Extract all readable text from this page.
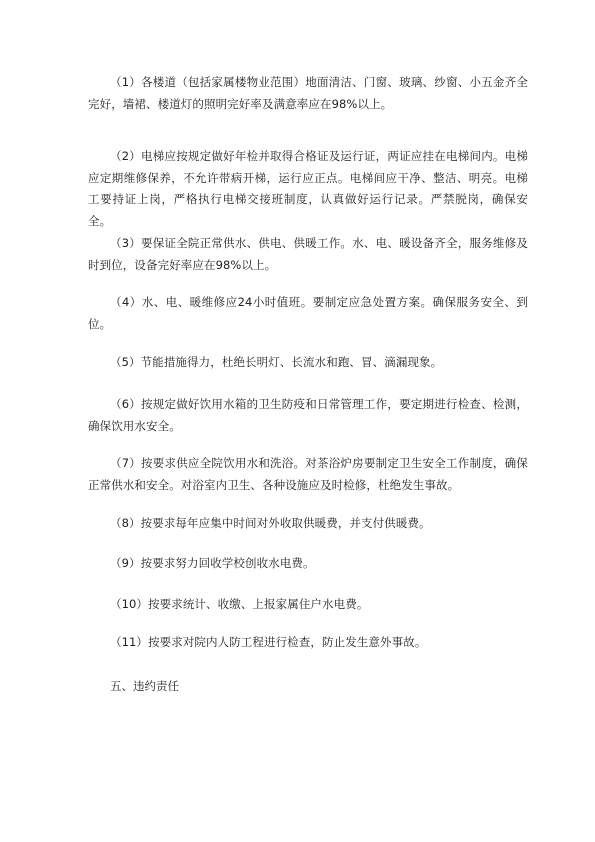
（1）各楼道（包括家属楼物业范围）地面清洁、门窗、玻璃、纱窗、小五金齐全完好，墙裙、楼道灯的照明完好率及满意率应在98%以上。

（2）电梯应按规定做好年检并取得合格证及运行证，两证应挂在电梯间内。电梯应定期维修保养，不允许带病开梯，运行应正点。电梯间应干净、整洁、明亮。电梯工要持证上岗，严格执行电梯交接班制度，认真做好运行记录。严禁脱岗，确保安全。

（3）要保证全院正常供水、供电、供暖工作。水、电、暖设备齐全，服务维修及时到位，设备完好率应在98%以上。

（4）水、电、暖维修应24小时值班。要制定应急处置方案。确保服务安全、到位。

（5）节能措施得力，杜绝长明灯、长流水和跑、冒、滴漏现象。

（6）按规定做好饮用水箱的卫生防疫和日常管理工作，要定期进行检查、检测，确保饮用水安全。

（7）按要求供应全院饮用水和洗浴。对茶浴炉房要制定卫生安全工作制度，确保正常供水和安全。对浴室内卫生、各种设施应及时检修，杜绝发生事故。

（8）按要求每年应集中时间对外收取供暖费，并支付供暖费。

（9）按要求努力回收学校创收水电费。

（10）按要求统计、收缴、上报家属住户水电费。

（11）按要求对院内人防工程进行检查，防止发生意外事故。

五、违约责任
